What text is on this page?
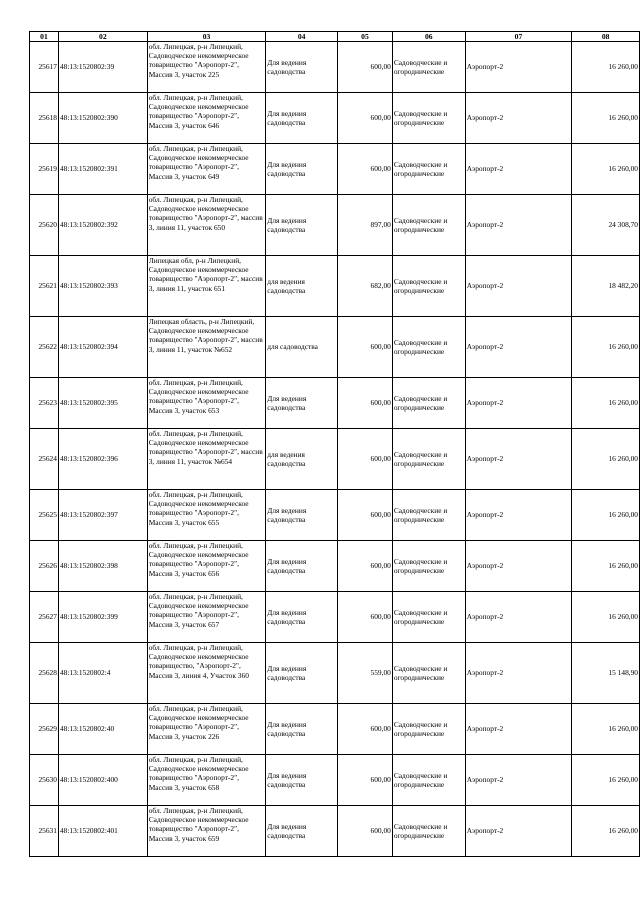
01	02	03	04	05	06	07	08
25617	48:13:1520802:39	обл. Липецкая, р-н Липецкий, Садоводческое некоммерческое товарищество "Аэропорт-2", Массив 3, участок 225	Для ведения садоводства	600,00	Садоводческие и огороднические	Аэропорт-2	16 260,00
25618	48:13:1520802:390	обл. Липецкая, р-н Липецкий, Садоводческое некоммерческое товарищество "Аэропорт-2", Массив 3, участок 646	Для ведения садоводства	600,00	Садоводческие и огороднические	Аэропорт-2	16 260,00
25619	48:13:1520802:391	обл. Липецкая, р-н Липецкий, Садоводческое некоммерческое товарищество "Аэропорт-2", Массив 3, участок 649	Для ведения садоводства	600,00	Садоводческие и огороднические	Аэропорт-2	16 260,00
25620	48:13:1520802:392	обл. Липецкая, р-н Липецкий, Садоводческое некоммерческое товарищество "Аэропорт-2", массив 3, линия 11, участок 650	Для ведения садоводства	897,00	Садоводческие и огороднические	Аэропорт-2	24 308,70
25621	48:13:1520802:393	Липецкая обл, р-н Липецкий, Садоводческое некоммерческое товарищество "Аэропорт-2", массив 3, линия 11, участок 651	для ведения садоводства	682,00	Садоводческие и огороднические	Аэропорт-2	18 482,20
25622	48:13:1520802:394	Липецкая область, р-н Липецкий, Садоводческое некоммерческое товарищество "Аэропорт-2", массив 3, линия 11, участок №652	для садоводства	600,00	Садоводческие и огороднические	Аэропорт-2	16 260,00
25623	48:13:1520802:395	обл. Липецкая, р-н Липецкий, Садоводческое некоммерческое товарищество "Аэропорт-2", Массив 3, участок 653	Для ведения садоводства	600,00	Садоводческие и огороднические	Аэропорт-2	16 260,00
25624	48:13:1520802:396	обл. Липецкая, р-н Липецкий, Садоводческое некоммерческое товарищество "Аэропорт-2", массив 3, линия 11, участок №654	для ведения садоводства	600,00	Садоводческие и огороднические	Аэропорт-2	16 260,00
25625	48:13:1520802:397	обл. Липецкая, р-н Липецкий, Садоводческое некоммерческое товарищество "Аэропорт-2", Массив 3, участок 655	Для ведения садоводства	600,00	Садоводческие и огороднические	Аэропорт-2	16 260,00
25626	48:13:1520802:398	обл. Липецкая, р-н Липецкий, Садоводческое некоммерческое товарищество "Аэропорт-2", Массив 3, участок 656	Для ведения садоводства	600,00	Садоводческие и огороднические	Аэропорт-2	16 260,00
25627	48:13:1520802:399	обл. Липецкая, р-н Липецкий, Садоводческое некоммерческое товарищество "Аэропорт-2", Массив 3, участок 657	Для ведения садоводства	600,00	Садоводческие и огороднические	Аэропорт-2	16 260,00
25628	48:13:1520802:4	обл. Липецкая, р-н Липецкий, Садоводческое некоммерческое товарищество, "Аэропорт-2", Массив 3, линия 4, Участок 360	Для ведения садоводства	559,00	Садоводческие и огороднические	Аэропорт-2	15 148,90
25629	48:13:1520802:40	обл. Липецкая, р-н Липецкий, Садоводческое некоммерческое товарищество "Аэропорт-2", Массив 3, участок 226	Для ведения садоводства	600,00	Садоводческие и огороднические	Аэропорт-2	16 260,00
25630	48:13:1520802:400	обл. Липецкая, р-н Липецкий, Садоводческое некоммерческое товарищество "Аэропорт-2", Массив 3, участок 658	Для ведения садоводства	600,00	Садоводческие и огороднические	Аэропорт-2	16 260,00
25631	48:13:1520802:401	обл. Липецкая, р-н Липецкий, Садоводческое некоммерческое товарищество "Аэропорт-2", Массив 3, участок 659	Для ведения садоводства	600,00	Садоводческие и огороднические	Аэропорт-2	16 260,00
